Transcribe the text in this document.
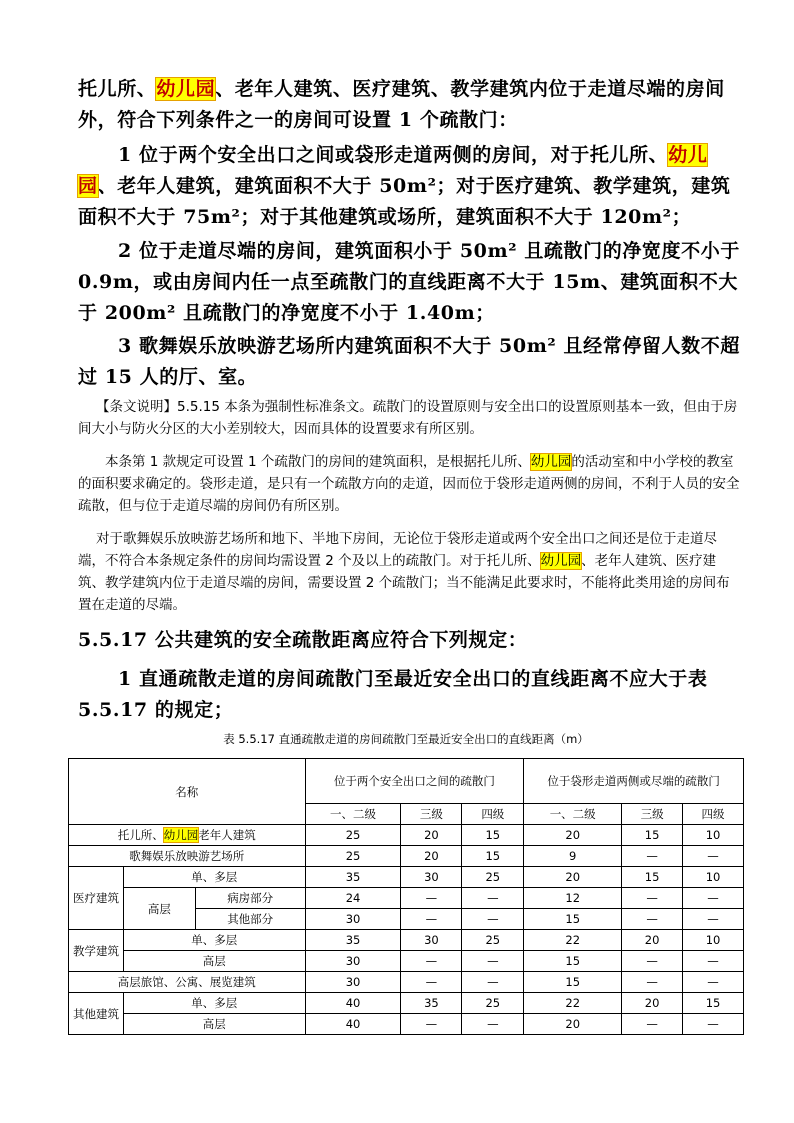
托儿所、幼儿园、老年人建筑、医疗建筑、教学建筑内位于走道尽端的房间外，符合下列条件之一的房间可设置 1 个疏散门：

1 位于两个安全出口之间或袋形走道两侧的房间，对于托儿所、幼儿园、老年人建筑，建筑面积不大于 50m²；对于医疗建筑、教学建筑，建筑面积不大于 75m²；对于其他建筑或场所，建筑面积不大于 120m²；

2 位于走道尽端的房间，建筑面积小于 50m² 且疏散门的净宽度不小于 0.9m，或由房间内任一点至疏散门的直线距离不大于 15m、建筑面积不大于 200m² 且疏散门的净宽度不小于 1.40m；

3 歌舞娱乐放映游艺场所内建筑面积不大于 50m² 且经常停留人数不超过 15 人的厅、室。

【条文说明】5.5.15 本条为强制性标准条文。疏散门的设置原则与安全出口的设置原则基本一致，但由于房间大小与防火分区的大小差别较大，因而具体的设置要求有所区别。

本条第 1 款规定可设置 1 个疏散门的房间的建筑面积，是根据托儿所、幼儿园的活动室和中小学校的教室的面积要求确定的。袋形走道，是只有一个疏散方向的走道，因而位于袋形走道两侧的房间，不利于人员的安全疏散，但与位于走道尽端的房间仍有所区别。

对于歌舞娱乐放映游艺场所和地下、半地下房间，无论位于袋形走道或两个安全出口之间还是位于走道尽端，不符合本条规定条件的房间均需设置 2 个及以上的疏散门。对于托儿所、幼儿园、老年人建筑、医疗建筑、教学建筑内位于走道尽端的房间，需要设置 2 个疏散门；当不能满足此要求时，不能将此类用途的房间布置在走道的尽端。

5.5.17 公共建筑的安全疏散距离应符合下列规定：

1 直通疏散走道的房间疏散门至最近安全出口的直线距离不应大于表 5.5.17 的规定；

表 5.5.17 直通疏散走道的房间疏散门至最近安全出口的直线距离（m）
名称			位于两个安全出口之间的疏散门			位于袋形走道两侧或尽端的疏散门		
			一、二级	三级	四级	一、二级	三级	四级
托儿所、幼儿园老年人建筑			25	20	15	20	15	10
歌舞娱乐放映游艺场所			25	20	15	9	—	—
医疗建筑	单、多层		35	30	25	20	15	10
	高层	病房部分	24	—	—	12	—	—
		其他部分	30	—	—	15	—	—
教学建筑	单、多层		35	30	25	22	20	10
	高层		30	—	—	15	—	—
高层旅馆、公寓、展览建筑			30	—	—	15	—	—
其他建筑	单、多层		40	35	25	22	20	15
	高层		40	—	—	20	—	—
